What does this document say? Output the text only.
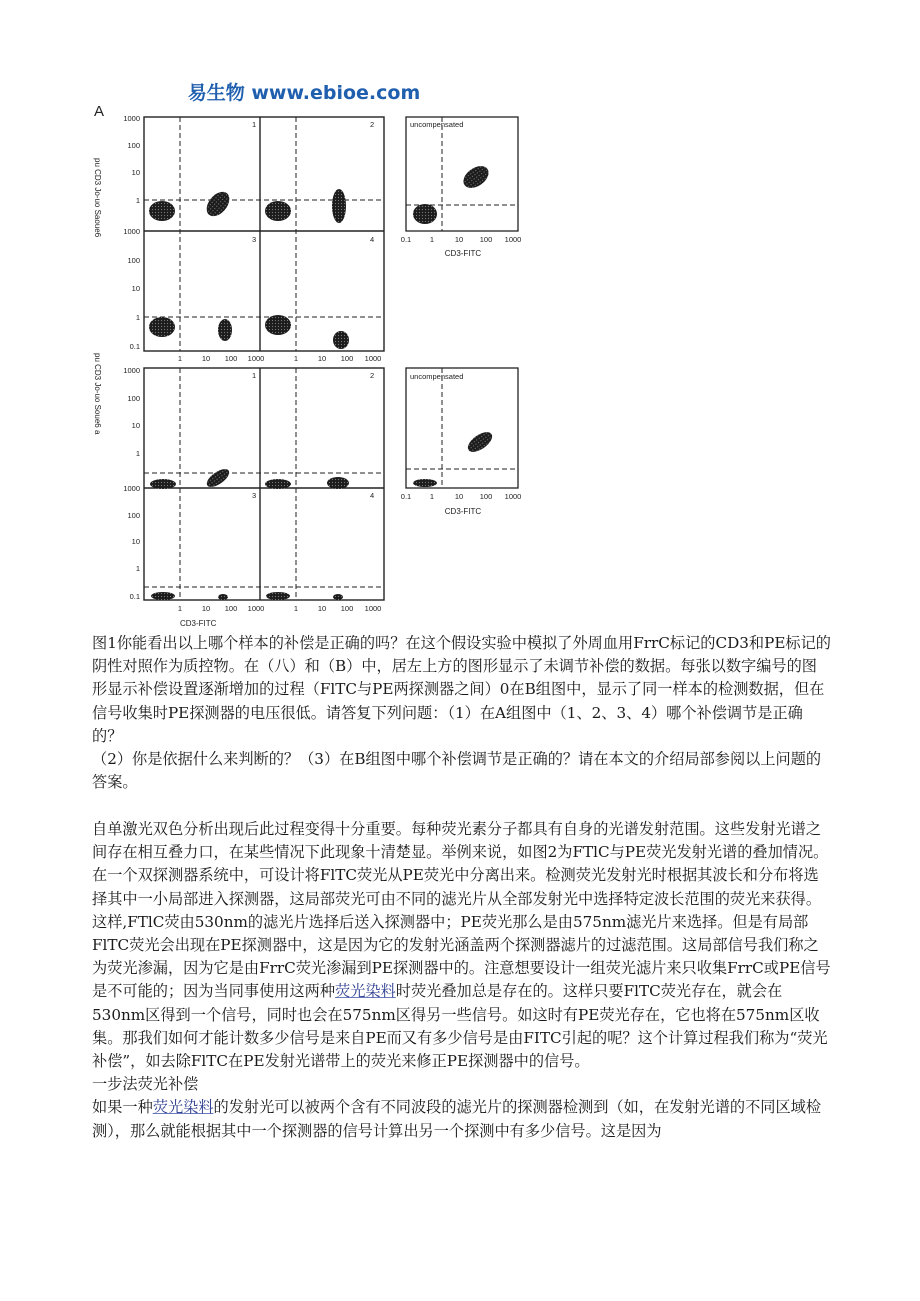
易生物 www.ebioe.com
A
pu CD3 Jo-uo Saoue6
pu CD3 Jo-uo Soue6 a
1	2
3	4
1000
100
10
1
1000
100
10
1
0.1
1	10 100 1000	1	10 100 1000
uncompensated
0.1 1	10 100 1000
CD3-FITC
1	2
3	4
1000
100
10
1
1000
100
10
1
0.1
1	10 100 1000	1	10 100 1000
CD3-FITC
uncompensated
0.1 1	10 100 1000
CD3-FITC

图1你能看出以上哪个样本的补偿是正确的吗？在这个假设实验中模拟了外周血用FrrC标记的CD3和PE标记的阴性对照作为质控物。在（八）和（B）中，居左上方的图形显示了未调节补偿的数据。每张以数字编号的图形显示补偿设置逐渐增加的过程（FlTC与PE两探测器之间）0在B组图中，显示了同一样本的检测数据，但在信号收集时PE探测器的电压很低。请答复下列问题：（1）在A组图中（1、2、3、4）哪个补偿调节是正确的？

（2）你是依据什么来判断的？（3）在B组图中哪个补偿调节是正确的？请在本文的介绍局部参阅以上问题的答案。

自单激光双色分析出现后此过程变得十分重要。每种荧光素分子都具有自身的光谱发射范围。这些发射光谱之间存在相互叠力口，在某些情况下此现象十清楚显。举例来说，如图2为FTlC与PE荧光发射光谱的叠加情况。在一个双探测器系统中，可设计将FlTC荧光从PE荧光中分离出来。检测荧光发射光时根据其波长和分布将选择其中一小局部进入探测器，这局部荧光可由不同的滤光片从全部发射光中选择特定波长范围的荧光来获得。这样,FTlC荧由530nm的滤光片选择后送入探测器中；PE荧光那么是由575nm滤光片来选择。但是有局部FlTC荧光会出现在PE探测器中，这是因为它的发射光涵盖两个探测器滤片的过滤范围。这局部信号我们称之为荧光渗漏，因为它是由FrrC荧光渗漏到PE探测器中的。注意想要设计一组荧光滤片来只收集FrrC或PE信号是不可能的；因为当同事使用这两种荧光染料时荧光叠加总是存在的。这样只要FlTC荧光存在，就会在530nm区得到一个信号，同时也会在575nm区得另一些信号。如这时有PE荧光存在，它也将在575nm区收集。那我们如何才能计数多少信号是来自PE而又有多少信号是由FITC引起的呢？这个计算过程我们称为“荧光补偿”，如去除FlTC在PE发射光谱带上的荧光来修正PE探测器中的信号。

一步法荧光补偿

如果一种荧光染料的发射光可以被两个含有不同波段的滤光片的探测器检测到（如，在发射光谱的不同区域检测），那么就能根据其中一个探测器的信号计算出另一个探测中有多少信号。这是因为
